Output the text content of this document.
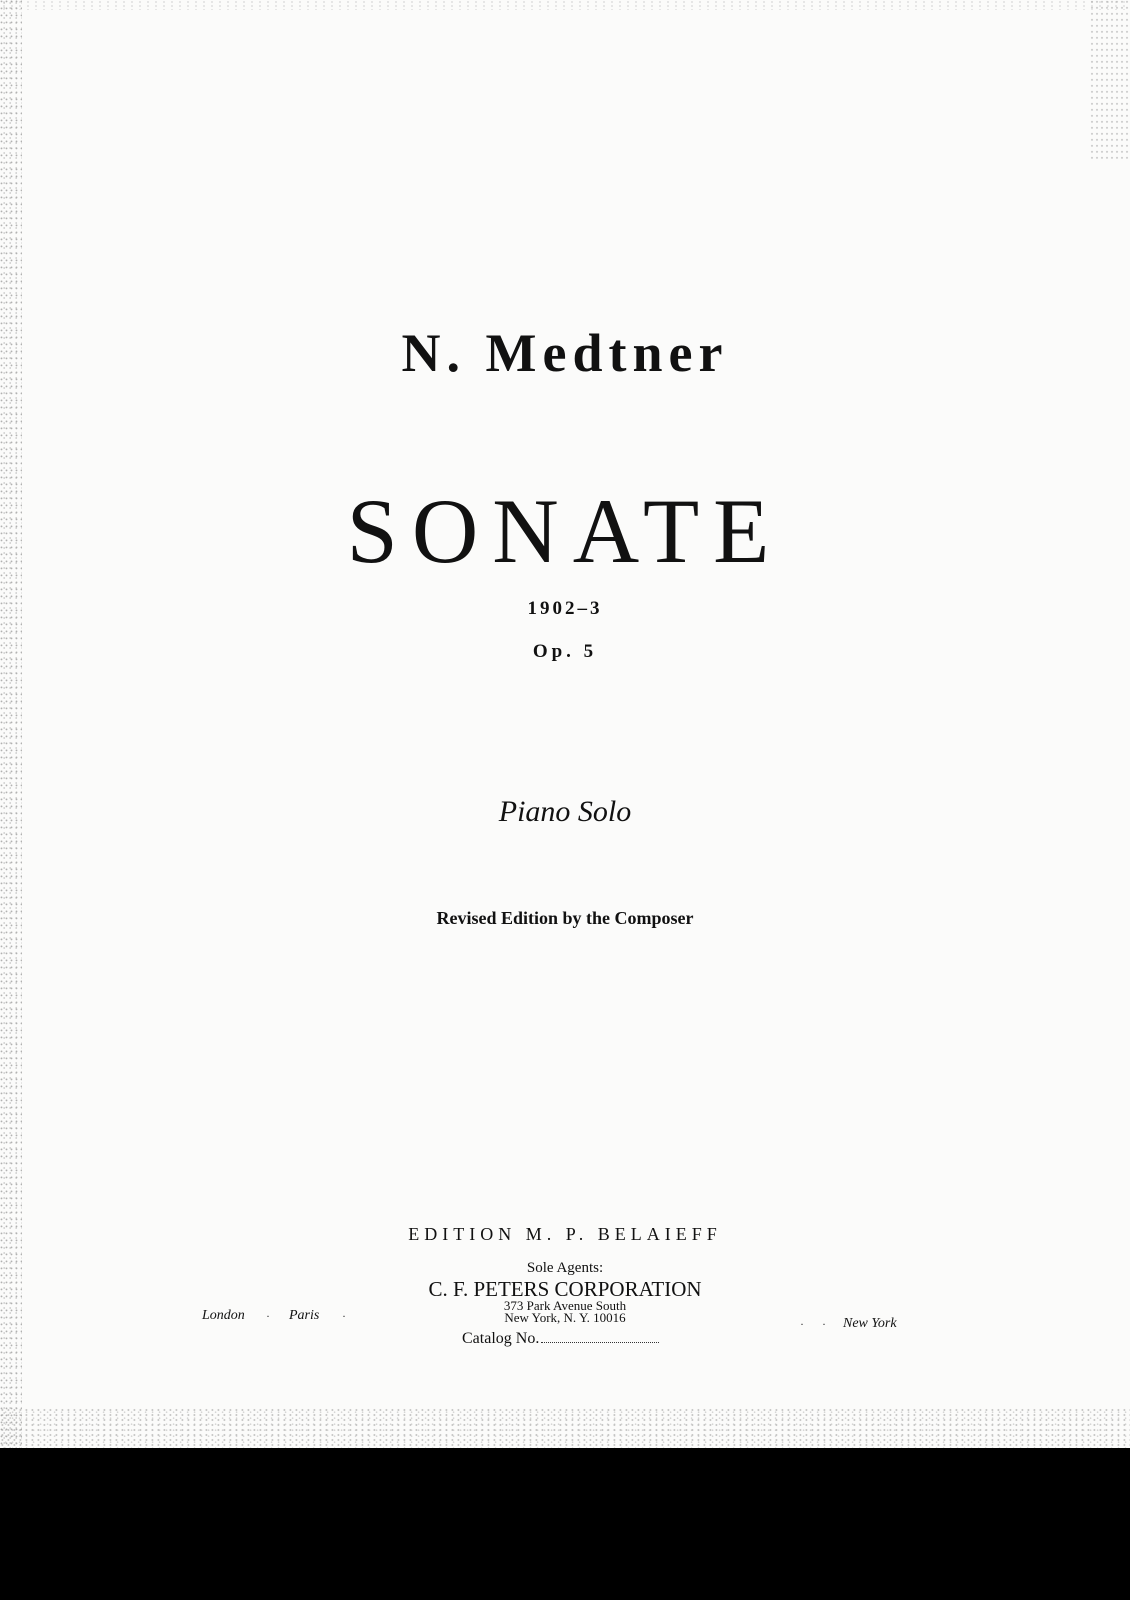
N. Medtner
SONATE
1902–3
Op. 5
Piano Solo
Revised Edition by the Composer
EDITION M. P. BELAIEFF
Sole Agents:
C. F. PETERS CORPORATION
373 Park Avenue South
New York, N. Y. 10016
Catalog No.
London · Paris ·
· · New York
